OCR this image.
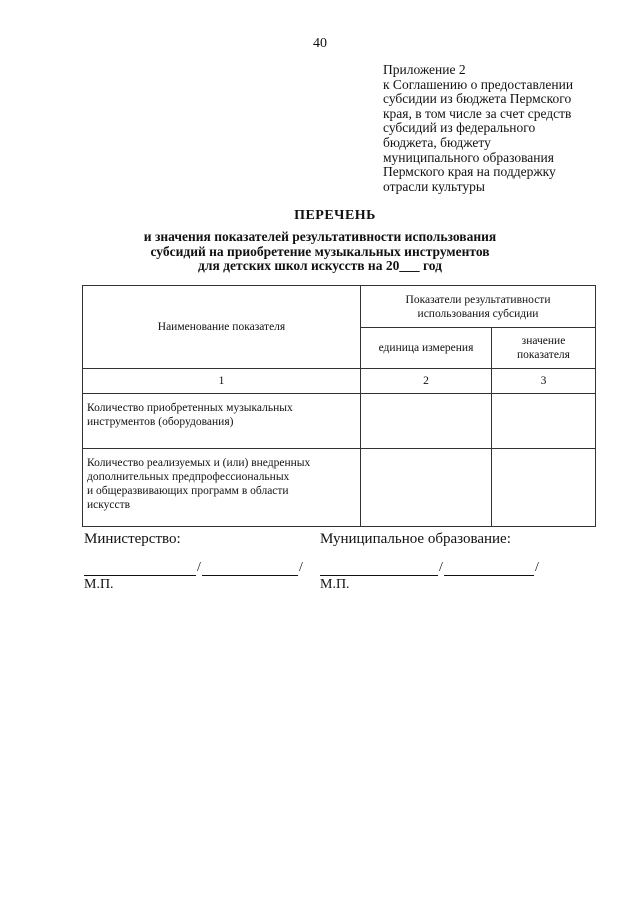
40
Приложение 2
к Соглашению о предоставлении
субсидии из бюджета Пермского
края, в том числе за счет средств
субсидий из федерального
бюджета, бюджету
муниципального образования
Пермского края на поддержку
отрасли культуры
ПЕРЕЧЕНЬ
и значения показателей результативности использования
субсидий на приобретение музыкальных инструментов
для детских школ искусств на 20___ год
Наименование показателя	Показатели результативности
использования субсидии	

	единица измерения	значение
показателя

1	2	3

Количество приобретенных музыкальных
инструментов (оборудования)		

Количество реализуемых и (или) внедренных
дополнительных предпрофессиональных
и общеразвивающих программ в области
искусств		

Министерство:	Муниципальное образование:
/	/	/	/
М.П.	М.П.
